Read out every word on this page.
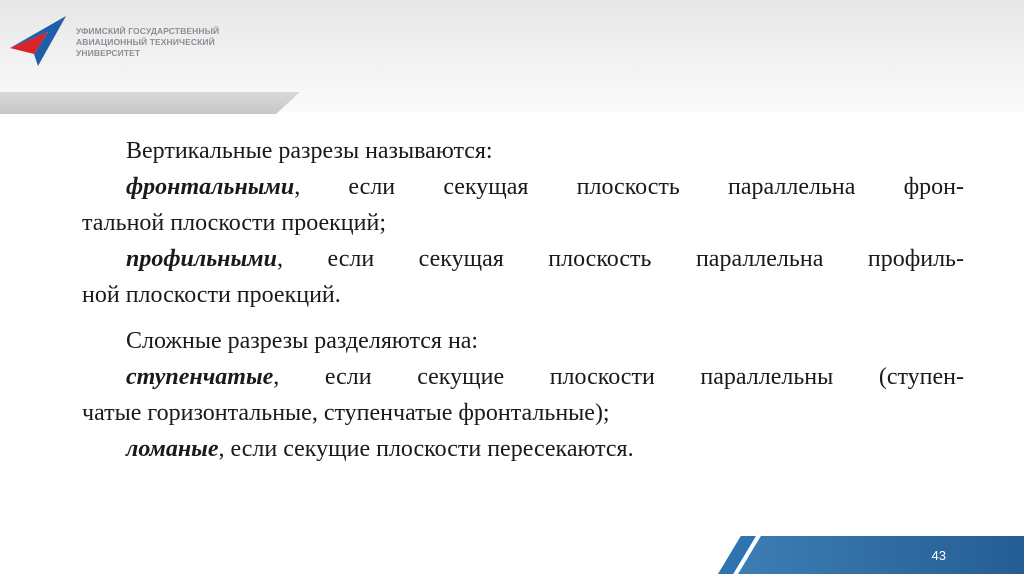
УФИМСКИЙ ГОСУДАРСТВЕННЫЙ
АВИАЦИОННЫЙ ТЕХНИЧЕСКИЙ
УНИВЕРСИТЕТ
Вертикальные разрезы называются:
фронтальными, если секущая плоскость параллельна фрон-
тальной плоскости проекций;
профильными, если секущая плоскость параллельна профиль-
ной плоскости проекций.
Сложные разрезы разделяются на:
ступенчатые, если секущие плоскости параллельны (ступен-
чатые горизонтальные, ступенчатые фронтальные);
ломаные, если секущие плоскости пересекаются.
43
